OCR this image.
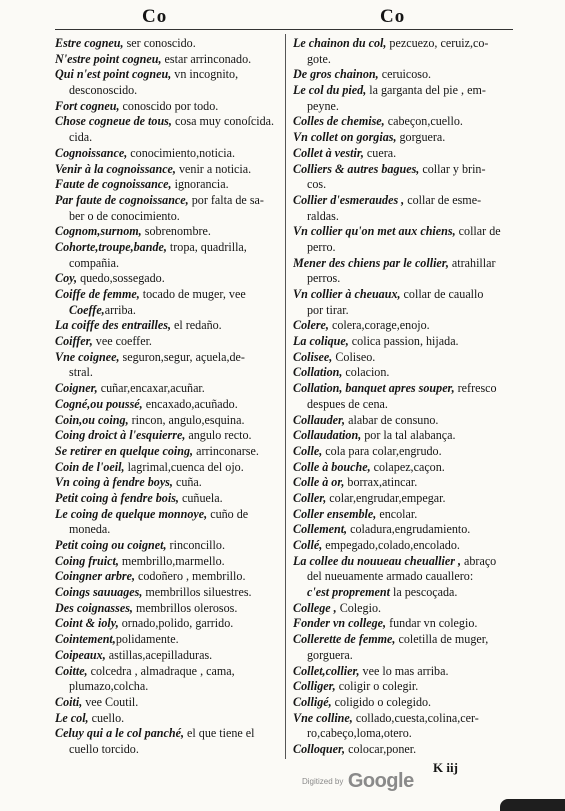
Co	Co
Estre cogneu, ser conoscido.
N'estre point cogneu, estar arrinconado.
Qui n'est point cogneu, vn incognito,
desconoscido.
Fort cogneu, conoscido por todo.
Chose cogneue de tous, cosa muy conoſcida.
cida.
Cognoissance, conocimiento,noticia.
Venir à la cognoissance, venir a noticia.
Faute de cognoissance, ignorancia.
Par faute de cognoissance, por falta de sa-
ber o de conocimiento.
Cognom,surnom, sobrenombre.
Cohorte,troupe,bande, tropa, quadrilla,
compañia.
Coy, quedo,sossegado.
Coiffe de femme, tocado de muger, vee
Coeffe,arriba.
La coiffe des entrailles, el redaño.
Coiffer, vee coeffer.
Vne coignee, seguron,segur, açuela,de-
stral.
Coigner, cuñar,encaxar,acuñar.
Cogné,ou poussé, encaxado,acuñado.
Coin,ou coing, rincon, angulo,esquina.
Coing droict à l'esquierre, angulo recto.
Se retirer en quelque coing, arrinconarse.
Coin de l'oeil, lagrimal,cuenca del ojo.
Vn coing à fendre boys, cuña.
Petit coing à fendre bois, cuñuela.
Le coing de quelque monnoye, cuño de
moneda.
Petit coing ou coignet, rinconcillo.
Coing fruict, membrillo,marmello.
Coingner arbre, codoñero , membrillo.
Coings sauuages, membrillos siluestres.
Des coignasses, membrillos olerosos.
Coint & ioly, ornado,polido, garrido.
Cointement,polidamente.
Coipeaux, astillas,acepilladuras.
Coitte, colcedra , almadraque , cama,
plumazo,colcha.
Coiti, vee Coutil.
Le col, cuello.
Celuy qui a le col panché, el que tiene el
cuello torcido.
Le chainon du col, pezcuezo, ceruiz,co-
gote.
De gros chainon, ceruicoso.
Le col du pied, la garganta del pie , em-
peyne.
Colles de chemise, cabeçon,cuello.
Vn collet on gorgias, gorguera.
Collet à vestir, cuera.
Colliers & autres bagues, collar y brin-
cos.
Collier d'esmeraudes , collar de esme-
raldas.
Vn collier qu'on met aux chiens, collar de
perro.
Mener des chiens par le collier, atrahillar
perros.
Vn collier à cheuaux, collar de cauallo
por tirar.
Colere, colera,corage,enojo.
La colique, colica passion, hijada.
Colisee, Coliseo.
Collation, colacion.
Collation, banquet apres souper, refresco
despues de cena.
Collauder, alabar de consuno.
Collaudation, por la tal alabança.
Colle, cola para colar,engrudo.
Colle à bouche, colapez,caçon.
Colle à or, borrax,atincar.
Coller, colar,engrudar,empegar.
Coller ensemble, encolar.
Collement, coladura,engrudamiento.
Collé, empegado,colado,encolado.
La collee du nouueau cheuallier , abraço
del nueuamente armado cauallero:
c'est proprement la pescoçada.
College , Colegio.
Fonder vn college, fundar vn colegio.
Collerette de femme, coletilla de muger,
gorguera.
Collet,collier, vee lo mas arriba.
Colliger, coligir o colegir.
Colligé, coligido o colegido.
Vne colline, collado,cuesta,colina,cer-
ro,cabeço,loma,otero.
Colloquer, colocar,poner.
K iij
Digitized by Google
